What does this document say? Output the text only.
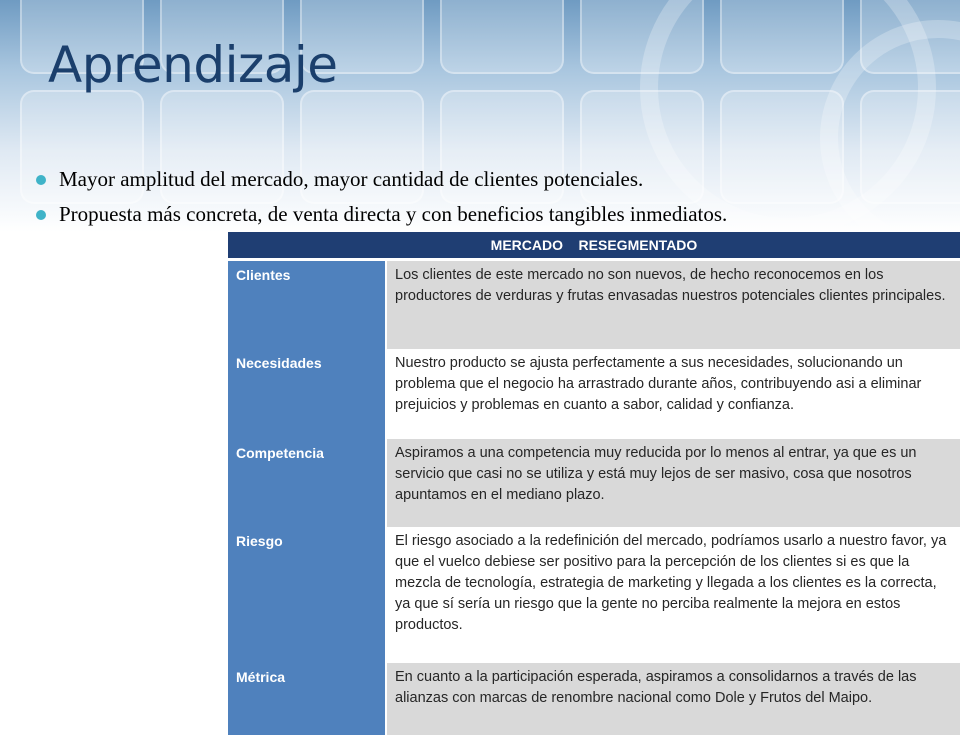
Aprendizaje
Mayor amplitud del mercado, mayor cantidad de clientes potenciales.
Propuesta más concreta, de venta directa y con beneficios tangibles inmediatos.
MERCADO    RESEGMENTADO	
Clientes	Los clientes de este mercado no son nuevos, de hecho reconocemos en los productores de verduras y frutas envasadas nuestros potenciales clientes principales.
Necesidades	Nuestro producto se ajusta perfectamente a sus necesidades, solucionando un problema que el negocio ha arrastrado durante años, contribuyendo asi a eliminar prejuicios y problemas en cuanto a sabor, calidad y confianza.
Competencia	Aspiramos a una competencia muy reducida por lo menos al entrar, ya que es un servicio que casi no se utiliza y está muy lejos de ser masivo, cosa que nosotros apuntamos en el mediano plazo.
Riesgo	El riesgo asociado a la redefinición del mercado, podríamos usarlo a nuestro favor, ya que el vuelco debiese ser positivo para la percepción de los clientes si es que la mezcla de tecnología, estrategia de marketing y llegada a los clientes es la correcta, ya que sí sería un riesgo que la gente no perciba realmente la mejora en estos productos.
Métrica	En cuanto a la participación esperada, aspiramos a consolidarnos a través de las alianzas con marcas de renombre nacional como Dole y Frutos del Maipo.
